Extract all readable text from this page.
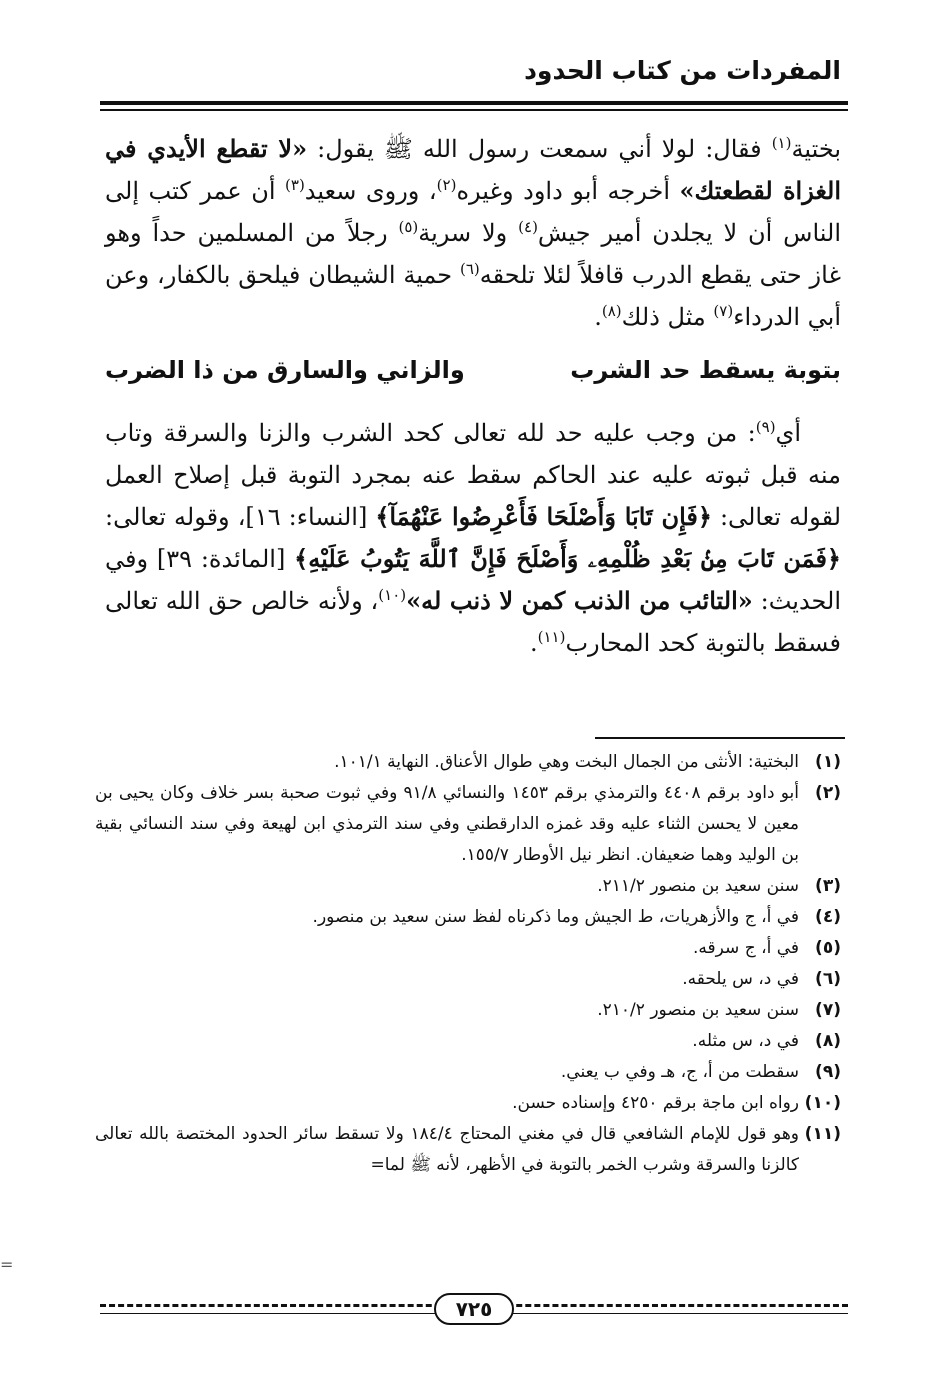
المفردات من كتاب الحدود

بختية$^{(١)}$ فقال: لولا أني سمعت رسول الله ﷺ يقول: «لا تقطع الأيدي في الغزاة لقطعتك» أخرجه أبو داود وغيره$^{(٢)}$، وروى سعيد$^{(٣)}$ أن عمر كتب إلى الناس أن لا يجلدن أمير جيش$^{(٤)}$ ولا سرية$^{(٥)}$ رجلاً من المسلمين حداً وهو غاز حتى يقطع الدرب قافلاً لئلا تلحقه$^{(٦)}$ حمية الشيطان فيلحق بالكفار، وعن أبي الدرداء$^{(٧)}$ مثل ذلك$^{(٨)}$.

بتوبة يسقط حد الشرب
والزاني والسارق من ذا الضرب

أي$^{(٩)}$: من وجب عليه حد لله تعالى كحد الشرب والزنا والسرقة وتاب منه قبل ثبوته عليه عند الحاكم سقط عنه بمجرد التوبة قبل إصلاح العمل لقوله تعالى: ﴿فَإِن تَابَا وَأَصْلَحَا فَأَعْرِضُوا عَنْهُمَآ﴾ [النساء: ١٦]، وقوله تعالى: ﴿فَمَن تَابَ مِنۢ بَعْدِ ظُلْمِهِۦ وَأَصْلَحَ فَإِنَّ ٱللَّهَ يَتُوبُ عَلَيْهِ﴾ [المائدة: ٣٩] وفي الحديث: «التائب من الذنب كمن لا ذنب له»$^{(١٠)}$، ولأنه خالص حق الله تعالى فسقط بالتوبة كحد المحارب$^{(١١)}$.

(١)
البختية: الأنثى من الجمال البخت وهي طوال الأعناق. النهاية ١٠١/١.
(٢)
أبو داود برقم ٤٤٠٨ والترمذي برقم ١٤٥٣ والنسائي ٩١/٨ وفي ثبوت صحبة بسر خلاف وكان يحيى بن معين لا يحسن الثناء عليه وقد غمزه الدارقطني وفي سند الترمذي ابن لهيعة وفي سند النسائي بقية بن الوليد وهما ضعيفان. انظر نيل الأوطار ١٥٥/٧.
(٣)
سنن سعيد بن منصور ٢١١/٢.
(٤)
في أ، ج والأزهريات، ط الجيش وما ذكرناه لفظ سنن سعيد بن منصور.
(٥)
في أ، ج سرقه.
(٦)
في د، س يلحقه.
(٧)
سنن سعيد بن منصور ٢١٠/٢.
(٨)
في د، س مثله.
(٩)
سقطت من أ، ج، هـ وفي ب يعني.
(١٠)
رواه ابن ماجة برقم ٤٢٥٠ وإسناده حسن.
(١١)
وهو قول للإمام الشافعي قال في مغني المحتاج ١٨٤/٤ ولا تسقط سائر الحدود المختصة بالله تعالى كالزنا والسرقة وشرب الخمر بالتوبة في الأظهر، لأنه ﷺ لما=
٧٢٥
=
